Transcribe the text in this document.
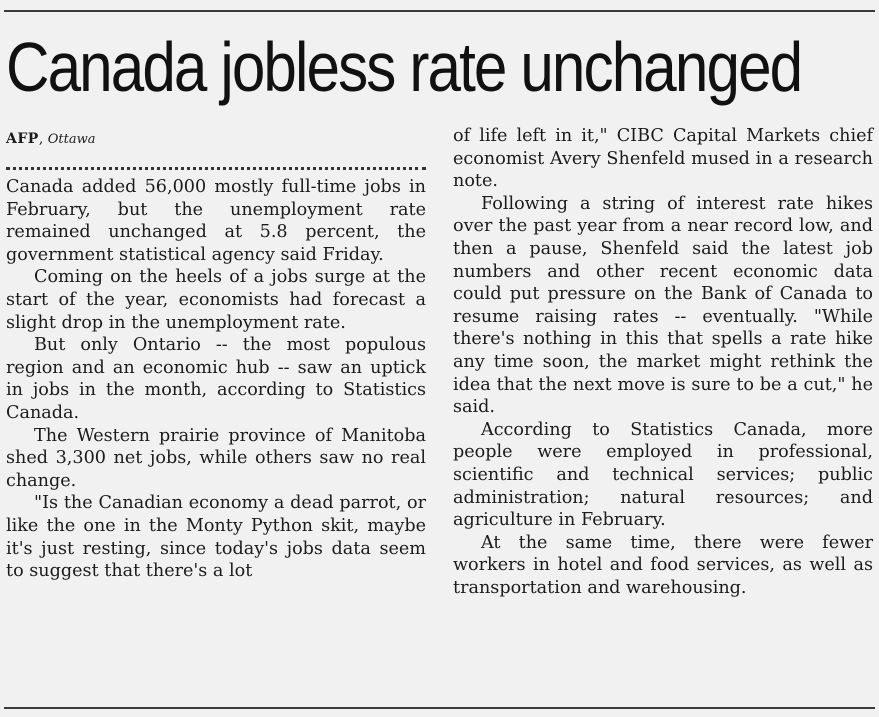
Canada jobless rate unchanged

AFP, Ottawa

Canada added 56,000 mostly full-time jobs in February, but the unemployment rate remained unchanged at 5.8 percent, the government statistical agency said Friday.

Coming on the heels of a jobs surge at the start of the year, economists had forecast a slight drop in the unemployment rate.

But only Ontario -- the most populous region and an economic hub -- saw an uptick in jobs in the month, according to Statistics Canada.

The Western prairie province of Manitoba shed 3,300 net jobs, while others saw no real change.

"Is the Canadian economy a dead parrot, or like the one in the Monty Python skit, maybe it's just resting, since today's jobs data seem to suggest that there's a lot

of life left in it," CIBC Capital Markets chief economist Avery Shenfeld mused in a research note.

Following a string of interest rate hikes over the past year from a near record low, and then a pause, Shenfeld said the latest job numbers and other recent economic data could put pressure on the Bank of Canada to resume raising rates -- eventually. "While there's nothing in this that spells a rate hike any time soon, the market might rethink the idea that the next move is sure to be a cut," he said.

According to Statistics Canada, more people were employed in professional, scientific and technical services; public administration; natural resources; and agriculture in February.

At the same time, there were fewer workers in hotel and food services, as well as transportation and warehousing.
